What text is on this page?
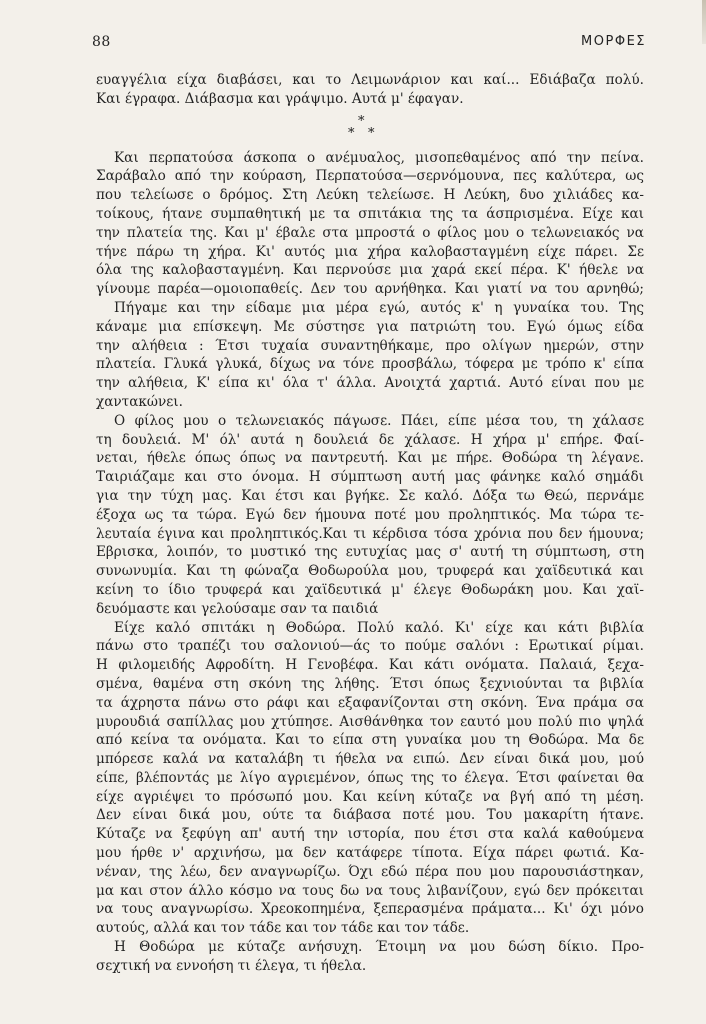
88	ΜΟΡΦΕΣ
ευαγγέλια είχα διαβάσει, και το Λειμωνάριον και καί... Εδιάβαζα πολύ.
Και έγραφα. Διάβασμα και γράψιμο. Αυτά μ' έφαγαν.
*
* *
Και περπατούσα άσκοπα ο ανέμυαλος, μισοπεθαμένος από την πείνα.
Σαράβαλο από την κούραση, Περπατούσα—σερνόμουνα, πες καλύτερα, ως
που τελείωσε ο δρόμος. Στη Λεύκη τελείωσε. Η Λεύκη, δυο χιλιάδες κα-
τοίκους, ήτανε συμπαθητική με τα σπιτάκια της τα άσπρισμένα. Είχε και
την πλατεία της. Και μ' έβαλε στα μπροστά ο φίλος μου ο τελωνειακός να
τήνε πάρω τη χήρα. Κι' αυτός μια χήρα καλοβασταγμένη είχε πάρει. Σε
όλα της καλοβασταγμένη. Και περνούσε μια χαρά εκεί πέρα. Κ' ήθελε να
γίνουμε παρέα—ομοιοπαθείς. Δεν του αρνήθηκα. Και γιατί να του αρνηθώ;
Πήγαμε και την είδαμε μια μέρα εγώ, αυτός κ' η γυναίκα του. Της
κάναμε μια επίσκεψη. Με σύστησε για πατριώτη του. Εγώ όμως είδα
την αλήθεια : Έτσι τυχαία συναντηθήκαμε, προ ολίγων ημερών, στην
πλατεία. Γλυκά γλυκά, δίχως να τόνε προσβάλω, τόφερα με τρόπο κ' είπα
την αλήθεια, Κ' είπα κι' όλα τ' άλλα. Ανοιχτά χαρτιά. Αυτό είναι που με
χαντακώνει.
Ο φίλος μου ο τελωνειακός πάγωσε. Πάει, είπε μέσα του, τη χάλασε
τη δουλειά. Μ' όλ' αυτά η δουλειά δε χάλασε. Η χήρα μ' επήρε. Φαί-
νεται, ήθελε όπως όπως να παντρευτή. Και με πήρε. Θοδώρα τη λέγανε.
Ταιριάζαμε και στο όνομα. Η σύμπτωση αυτή μας φάνηκε καλό σημάδι
για την τύχη μας. Και έτσι και βγήκε. Σε καλό. Δόξα τω Θεώ, περνάμε
έξοχα ως τα τώρα. Εγώ δεν ήμουνα ποτέ μου προληπτικός. Μα τώρα τε-
λευταία έγινα και προληπτικός.Και τι κέρδισα τόσα χρόνια που δεν ήμουνα;
Εβρισκα, λοιπόν, το μυστικό της ευτυχίας μας σ' αυτή τη σύμπτωση, στη
συνωνυμία. Και τη φώναζα Θοδωρούλα μου, τρυφερά και χαϊδευτικά και
κείνη το ίδιο τρυφερά και χαϊδευτικά μ' έλεγε Θοδωράκη μου. Και χαϊ-
δευόμαστε και γελούσαμε σαν τα παιδιά
Είχε καλό σπιτάκι η Θοδώρα. Πολύ καλό. Κι' είχε και κάτι βιβλία
πάνω στο τραπέζι του σαλονιού—άς το πούμε σαλόνι : Ερωτικαί ρίμαι.
Η φιλομειδής Αφροδίτη. Η Γενοβέφα. Και κάτι ονόματα. Παλαιά, ξεχα-
σμένα, θαμένα στη σκόνη της λήθης. Έτσι όπως ξεχνιούνται τα βιβλία
τα άχρηστα πάνω στο ράφι και εξαφανίζονται στη σκόνη. Ένα πράμα σα
μυρουδιά σαπίλλας μου χτύπησε. Αισθάνθηκα τον εαυτό μου πολύ πιο ψηλά
από κείνα τα ονόματα. Και το είπα στη γυναίκα μου τη Θοδώρα. Μα δε
μπόρεσε καλά να καταλάβη τι ήθελα να ειπώ. Δεν είναι δικά μου, μού
είπε, βλέποντάς με λίγο αγριεμένον, όπως της το έλεγα. Έτσι φαίνεται θα
είχε αγριέψει το πρόσωπό μου. Και κείνη κύταζε να βγή από τη μέση.
Δεν είναι δικά μου, ούτε τα διάβασα ποτέ μου. Του μακαρίτη ήτανε.
Κύταζε να ξεφύγη απ' αυτή την ιστορία, που έτσι στα καλά καθούμενα
μου ήρθε ν' αρχινήσω, μα δεν κατάφερε τίποτα. Είχα πάρει φωτιά. Κα-
νέναν, της λέω, δεν αναγνωρίζω. Όχι εδώ πέρα που μου παρουσιάστηκαν,
μα και στον άλλο κόσμο να τους δω να τους λιβανίζουν, εγώ δεν πρόκειται
να τους αναγνωρίσω. Χρεοκοπημένα, ξεπερασμένα πράματα... Κι' όχι μόνο
αυτούς, αλλά και τον τάδε και τον τάδε και τον τάδε.
Η Θοδώρα με κύταζε ανήσυχη. Έτοιμη να μου δώση δίκιο. Προ-
σεχτική να εννοήση τι έλεγα, τι ήθελα.
